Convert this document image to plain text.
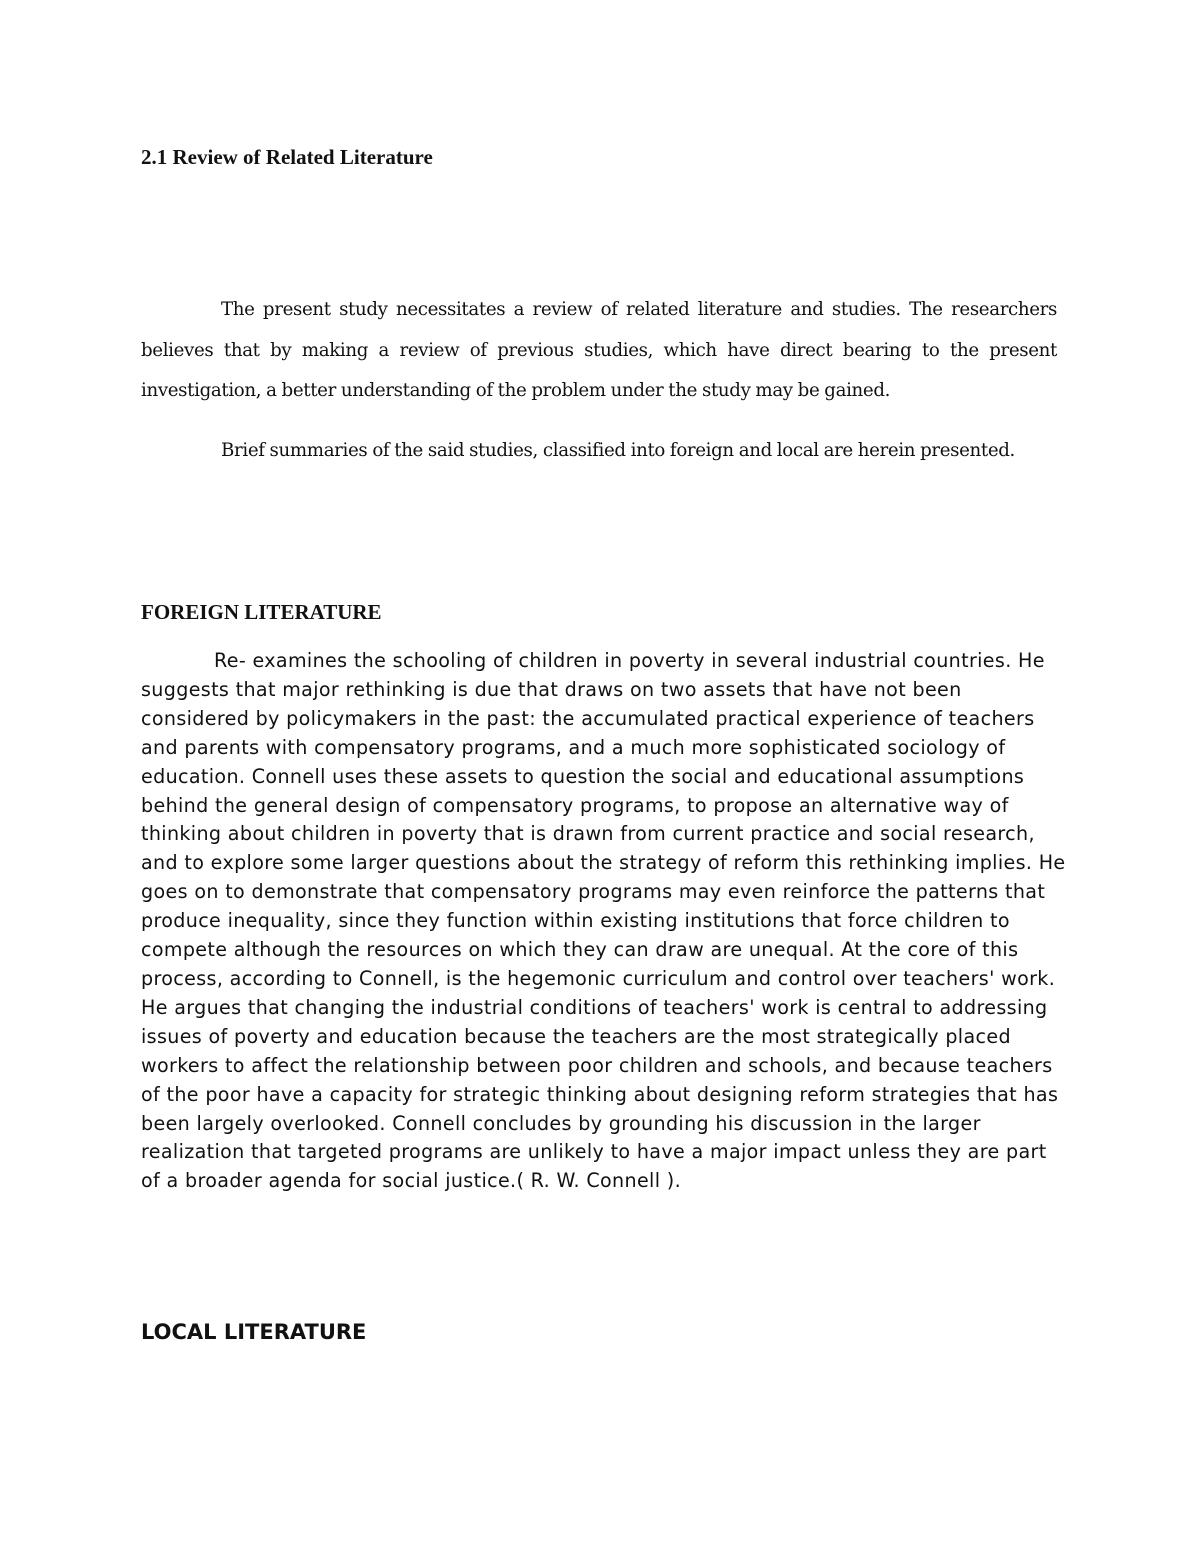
2.1 Review of Related Literature

The present study necessitates a review of related literature and studies. The researchers believes that by making a review of previous studies, which have direct bearing to the present investigation, a better understanding of the problem under the study may be gained.

Brief summaries of the said studies, classified into foreign and local are herein presented.

FOREIGN LITERATURE

Re- examines the schooling of children in poverty in several industrial countries. He suggests that major rethinking is due that draws on two assets that have not been considered by policymakers in the past: the accumulated practical experience of teachers and parents with compensatory programs, and a much more sophisticated sociology of education. Connell uses these assets to question the social and educational assumptions behind the general design of compensatory programs, to propose an alternative way of thinking about children in poverty that is drawn from current practice and social research, and to explore some larger questions about the strategy of reform this rethinking implies. He goes on to demonstrate that compensatory programs may even reinforce the patterns that produce inequality, since they function within existing institutions that force children to compete although the resources on which they can draw are unequal. At the core of this process, according to Connell, is the hegemonic curriculum and control over teachers' work. He argues that changing the industrial conditions of teachers' work is central to addressing issues of poverty and education because the teachers are the most strategically placed workers to affect the relationship between poor children and schools, and because teachers of the poor have a capacity for strategic thinking about designing reform strategies that has been largely overlooked. Connell concludes by grounding his discussion in the larger realization that targeted programs are unlikely to have a major impact unless they are part of a broader agenda for social justice.( R. W. Connell ).

LOCAL LITERATURE
